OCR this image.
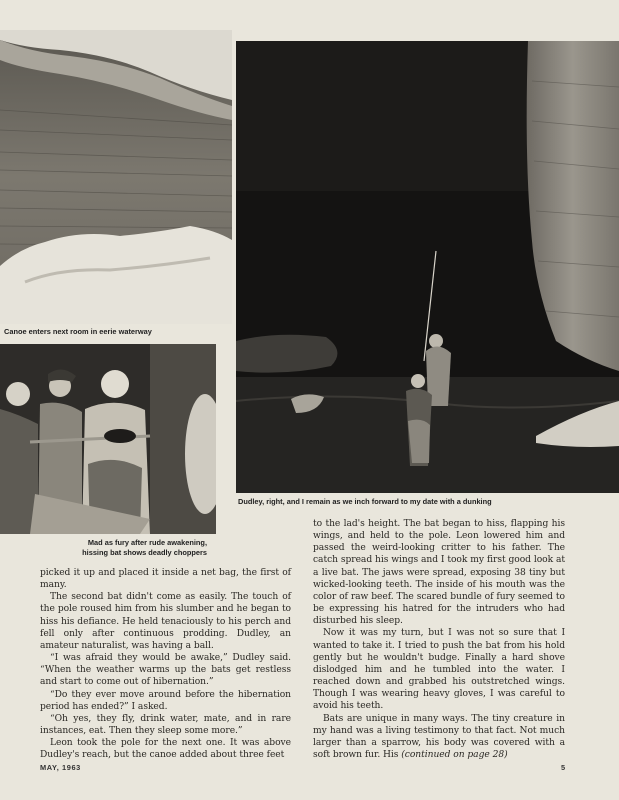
Canoe enters next room in eerie waterway

Mad as fury after rude awakening,
hissing bat shows deadly choppers

Dudley, right, and I remain as we inch forward to my date with a dunking

picked it up and placed it inside a net bag, the first of many.

The second bat didn't come as easily. The touch of the pole roused him from his slumber and he began to hiss his defiance. He held tenaciously to his perch and fell only after continuous prodding. Dudley, an amateur naturalist, was having a ball.

“I was afraid they would be awake,” Dudley said. “When the weather warms up the bats get restless and start to come out of hibernation.”

“Do they ever move around before the hibernation period has ended?” I asked.

“Oh yes, they fly, drink water, mate, and in rare instances, eat. Then they sleep some more.”

Leon took the pole for the next one. It was above Dudley's reach, but the canoe added about three feet

to the lad's height. The bat began to hiss, flapping his wings, and held to the pole. Leon lowered him and passed the weird-looking critter to his father. The catch spread his wings and I took my first good look at a live bat. The jaws were spread, exposing 38 tiny but wicked-looking teeth. The inside of his mouth was the color of raw beef. The scared bundle of fury seemed to be expressing his hatred for the intruders who had disturbed his sleep.

Now it was my turn, but I was not so sure that I wanted to take it. I tried to push the bat from his hold gently but he wouldn't budge. Finally a hard shove dislodged him and he tumbled into the water. I reached down and grabbed his outstretched wings. Though I was wearing heavy gloves, I was careful to avoid his teeth.

Bats are unique in many ways. The tiny creature in my hand was a living testimony to that fact. Not much larger than a sparrow, his body was covered with a soft brown fur. His (continued on page 28)

MAY, 1963	5
